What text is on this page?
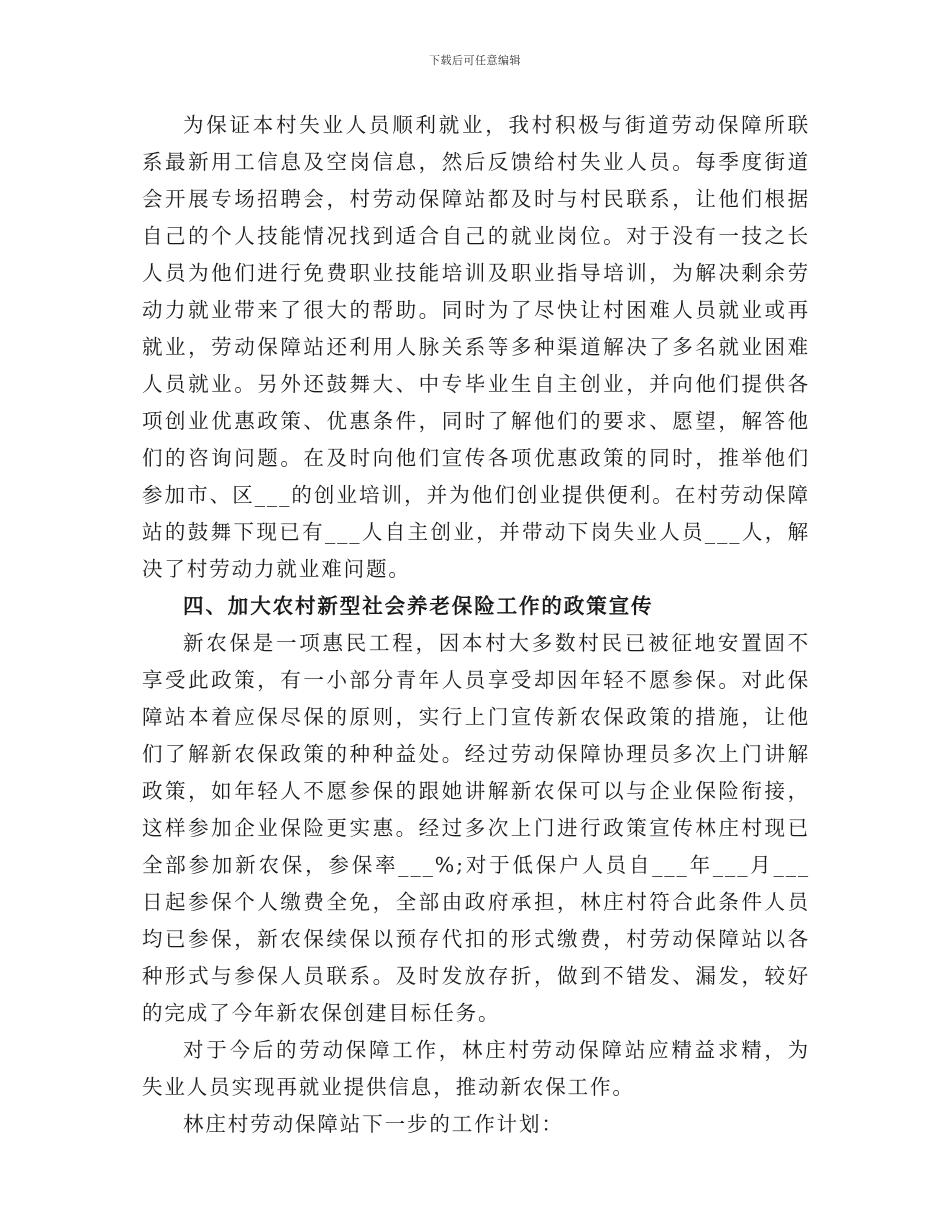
下载后可任意编辑

为保证本村失业人员顺利就业，我村积极与街道劳动保障所联系最新用工信息及空岗信息，然后反馈给村失业人员。每季度街道会开展专场招聘会，村劳动保障站都及时与村民联系，让他们根据自己的个人技能情况找到适合自己的就业岗位。对于没有一技之长人员为他们进行免费职业技能培训及职业指导培训，为解决剩余劳动力就业带来了很大的帮助。同时为了尽快让村困难人员就业或再就业，劳动保障站还利用人脉关系等多种渠道解决了多名就业困难人员就业。另外还鼓舞大、中专毕业生自主创业，并向他们提供各项创业优惠政策、优惠条件，同时了解他们的要求、愿望，解答他们的咨询问题。在及时向他们宣传各项优惠政策的同时，推举他们参加市、区___的创业培训，并为他们创业提供便利。在村劳动保障站的鼓舞下现已有___人自主创业，并带动下岗失业人员___人，解决了村劳动力就业难问题。

四、加大农村新型社会养老保险工作的政策宣传

新农保是一项惠民工程，因本村大多数村民已被征地安置固不享受此政策，有一小部分青年人员享受却因年轻不愿参保。对此保障站本着应保尽保的原则，实行上门宣传新农保政策的措施，让他们了解新农保政策的种种益处。经过劳动保障协理员多次上门讲解政策，如年轻人不愿参保的跟她讲解新农保可以与企业保险衔接，这样参加企业保险更实惠。经过多次上门进行政策宣传林庄村现已全部参加新农保，参保率___%;对于低保户人员自___年___月___日起参保个人缴费全免，全部由政府承担，林庄村符合此条件人员均已参保，新农保续保以预存代扣的形式缴费，村劳动保障站以各种形式与参保人员联系。及时发放存折，做到不错发、漏发，较好的完成了今年新农保创建目标任务。

对于今后的劳动保障工作，林庄村劳动保障站应精益求精，为失业人员实现再就业提供信息，推动新农保工作。

林庄村劳动保障站下一步的工作计划：
